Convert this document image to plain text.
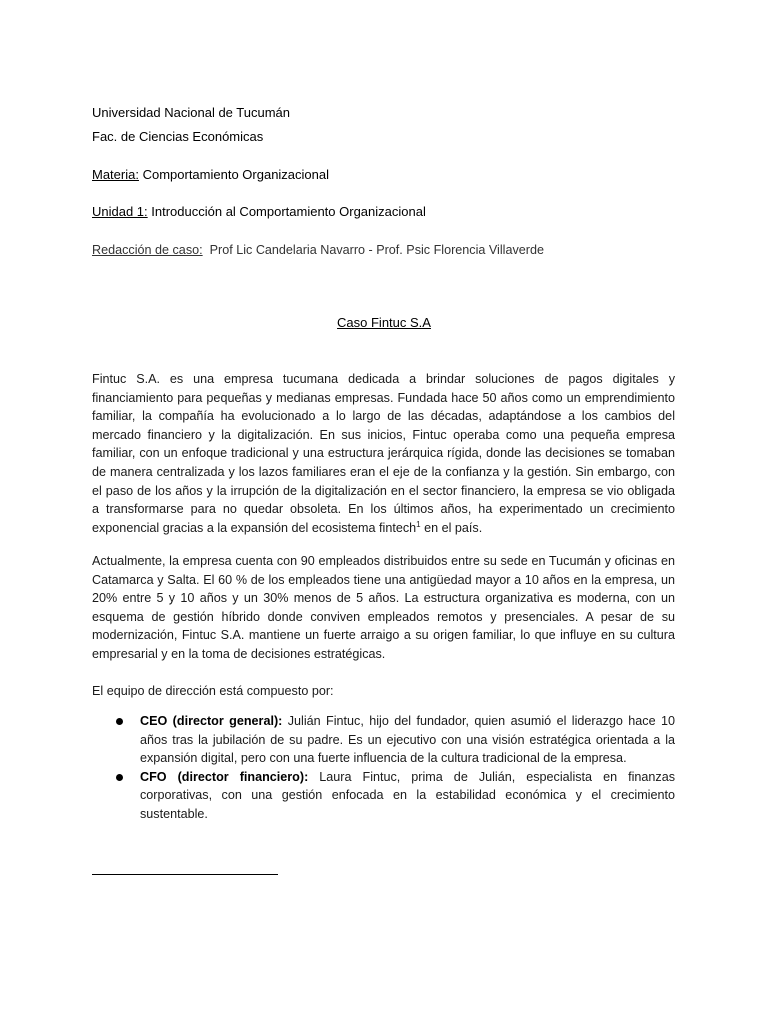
Universidad Nacional de Tucumán
Fac. de Ciencias Económicas
Materia: Comportamiento Organizacional
Unidad 1: Introducción al Comportamiento Organizacional
Redacción de caso:  Prof Lic Candelaria Navarro - Prof. Psic Florencia Villaverde
Caso Fintuc S.A

Fintuc S.A. es una empresa tucumana dedicada a brindar soluciones de pagos digitales y financiamiento para pequeñas y medianas empresas. Fundada hace 50 años como un emprendimiento familiar, la compañía ha evolucionado a lo largo de las décadas, adaptándose a los cambios del mercado financiero y la digitalización. En sus inicios, Fintuc operaba como una pequeña empresa familiar, con un enfoque tradicional y una estructura jerárquica rígida, donde las decisiones se tomaban de manera centralizada y los lazos familiares eran el eje de la confianza y la gestión. Sin embargo, con el paso de los años y la irrupción de la digitalización en el sector financiero, la empresa se vio obligada a transformarse para no quedar obsoleta. En los últimos años, ha experimentado un crecimiento exponencial gracias a la expansión del ecosistema fintech$^1$ en el país.

Actualmente, la empresa cuenta con 90 empleados distribuidos entre su sede en Tucumán y oficinas en Catamarca y Salta. El 60 % de los empleados tiene una antigüedad mayor a 10 años en la empresa, un 20% entre 5 y 10 años y un 30% menos de 5 años. La estructura organizativa es moderna, con un esquema de gestión híbrido donde conviven empleados remotos y presenciales. A pesar de su modernización, Fintuc S.A. mantiene un fuerte arraigo a su origen familiar, lo que influye en su cultura empresarial y en la toma de decisiones estratégicas.

El equipo de dirección está compuesto por:

CEO (director general): Julián Fintuc, hijo del fundador, quien asumió el liderazgo hace 10 años tras la jubilación de su padre. Es un ejecutivo con una visión estratégica orientada a la expansión digital, pero con una fuerte influencia de la cultura tradicional de la empresa.
CFO (director financiero): Laura Fintuc, prima de Julián, especialista en finanzas corporativas, con una gestión enfocada en la estabilidad económica y el crecimiento sustentable.
